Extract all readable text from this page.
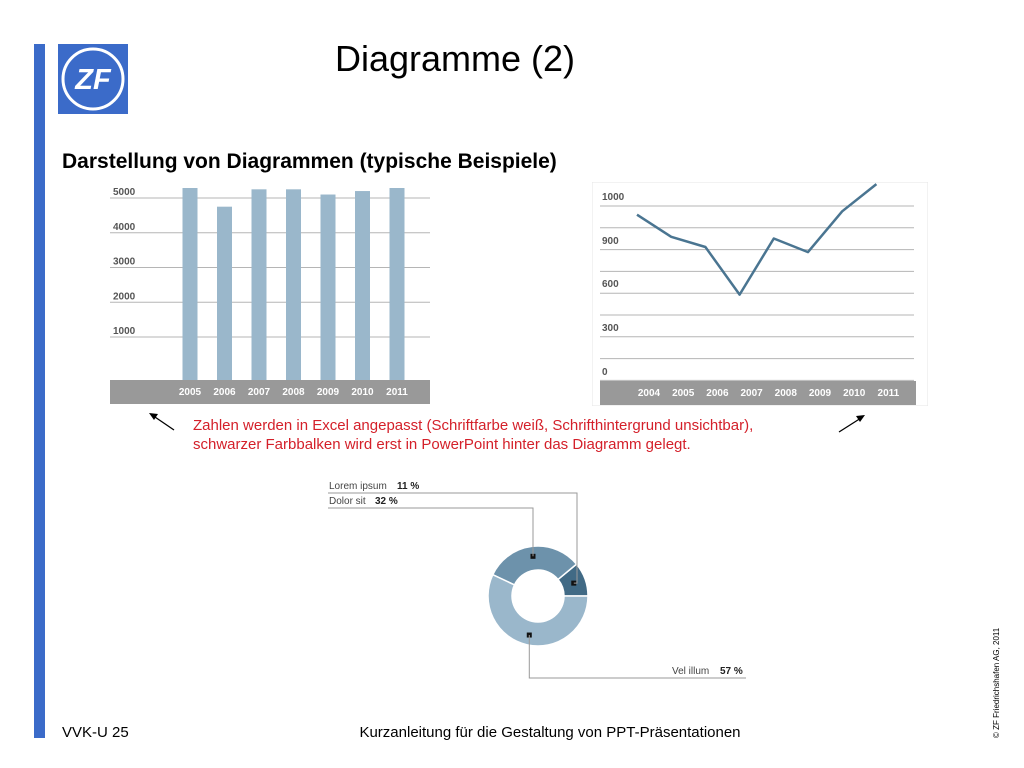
ZF
Diagramme (2)
Darstellung von Diagrammen (typische Beispiele)
1000
2000
3000
4000
5000
2005 2006 2007 2008 2009 2010 2011
0
300
600
900
1000
2004 2005 2006 2007 2008 2009 2010 2011
Lorem ipsum 11 %
Dolor sit 32 %
Vel illum 57 %
Zahlen werden in Excel angepasst (Schriftfarbe weiß, Schrifthintergrund unsichtbar),
schwarzer Farbbalken wird erst in PowerPoint hinter das Diagramm gelegt.
VVK-U 25	Kurzanleitung für die Gestaltung von PPT-Präsentationen	© ZF Friedrichshafen AG, 2011
